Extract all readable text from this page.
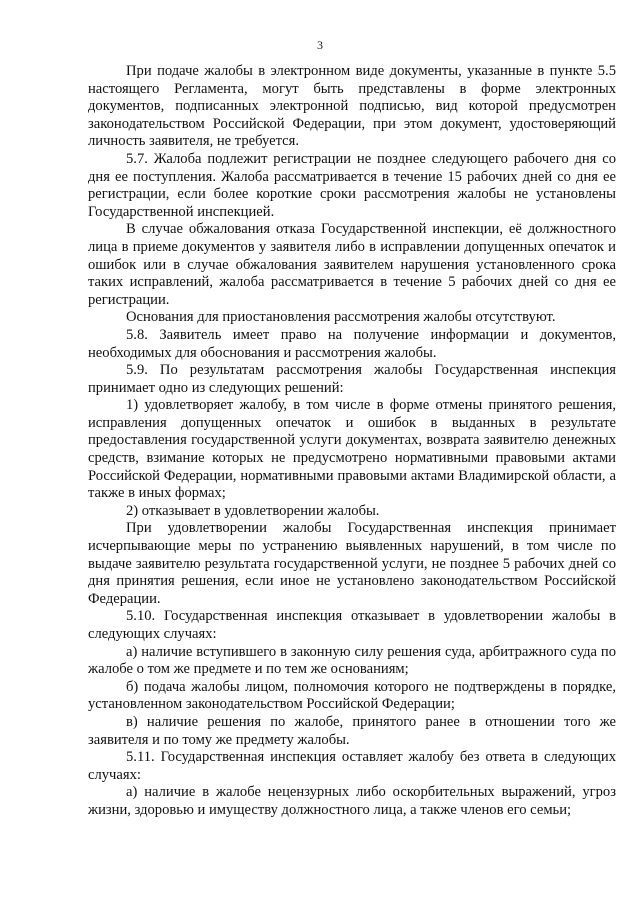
3

При подаче жалобы в электронном виде документы, указанные в пункте 5.5 настоящего Регламента, могут быть представлены в форме электронных документов, подписанных электронной подписью, вид которой предусмотрен законодательством Российской Федерации, при этом документ, удостоверяющий личность заявителя, не требуется.

5.7. Жалоба подлежит регистрации не позднее следующего рабочего дня со дня ее поступления. Жалоба рассматривается в течение 15 рабочих дней со дня ее регистрации, если более короткие сроки рассмотрения жалобы не установлены Государственной инспекцией.

В случае обжалования отказа Государственной инспекции, её должностного лица в приеме документов у заявителя либо в исправлении допущенных опечаток и ошибок или в случае обжалования заявителем нарушения установленного срока таких исправлений, жалоба рассматривается в течение 5 рабочих дней со дня ее регистрации.

Основания для приостановления рассмотрения жалобы отсутствуют.

5.8. Заявитель имеет право на получение информации и документов, необходимых для обоснования и рассмотрения жалобы.

5.9. По результатам рассмотрения жалобы Государственная инспекция принимает одно из следующих решений:

1) удовлетворяет жалобу, в том числе в форме отмены принятого решения, исправления допущенных опечаток и ошибок в выданных в результате предоставления государственной услуги документах, возврата заявителю денежных средств, взимание которых не предусмотрено нормативными правовыми актами Российской Федерации, нормативными правовыми актами Владимирской области, а также в иных формах;

2) отказывает в удовлетворении жалобы.

При удовлетворении жалобы Государственная инспекция принимает исчерпывающие меры по устранению выявленных нарушений, в том числе по выдаче заявителю результата государственной услуги, не позднее 5 рабочих дней со дня принятия решения, если иное не установлено законодательством Российской Федерации.

5.10. Государственная инспекция отказывает в удовлетворении жалобы в следующих случаях:

а) наличие вступившего в законную силу решения суда, арбитражного суда по жалобе о том же предмете и по тем же основаниям;

б) подача жалобы лицом, полномочия которого не подтверждены в порядке, установленном законодательством Российской Федерации;

в) наличие решения по жалобе, принятого ранее в отношении того же заявителя и по тому же предмету жалобы.

5.11. Государственная инспекция оставляет жалобу без ответа в следующих случаях:

а) наличие в жалобе нецензурных либо оскорбительных выражений, угроз жизни, здоровью и имуществу должностного лица, а также членов его семьи;
